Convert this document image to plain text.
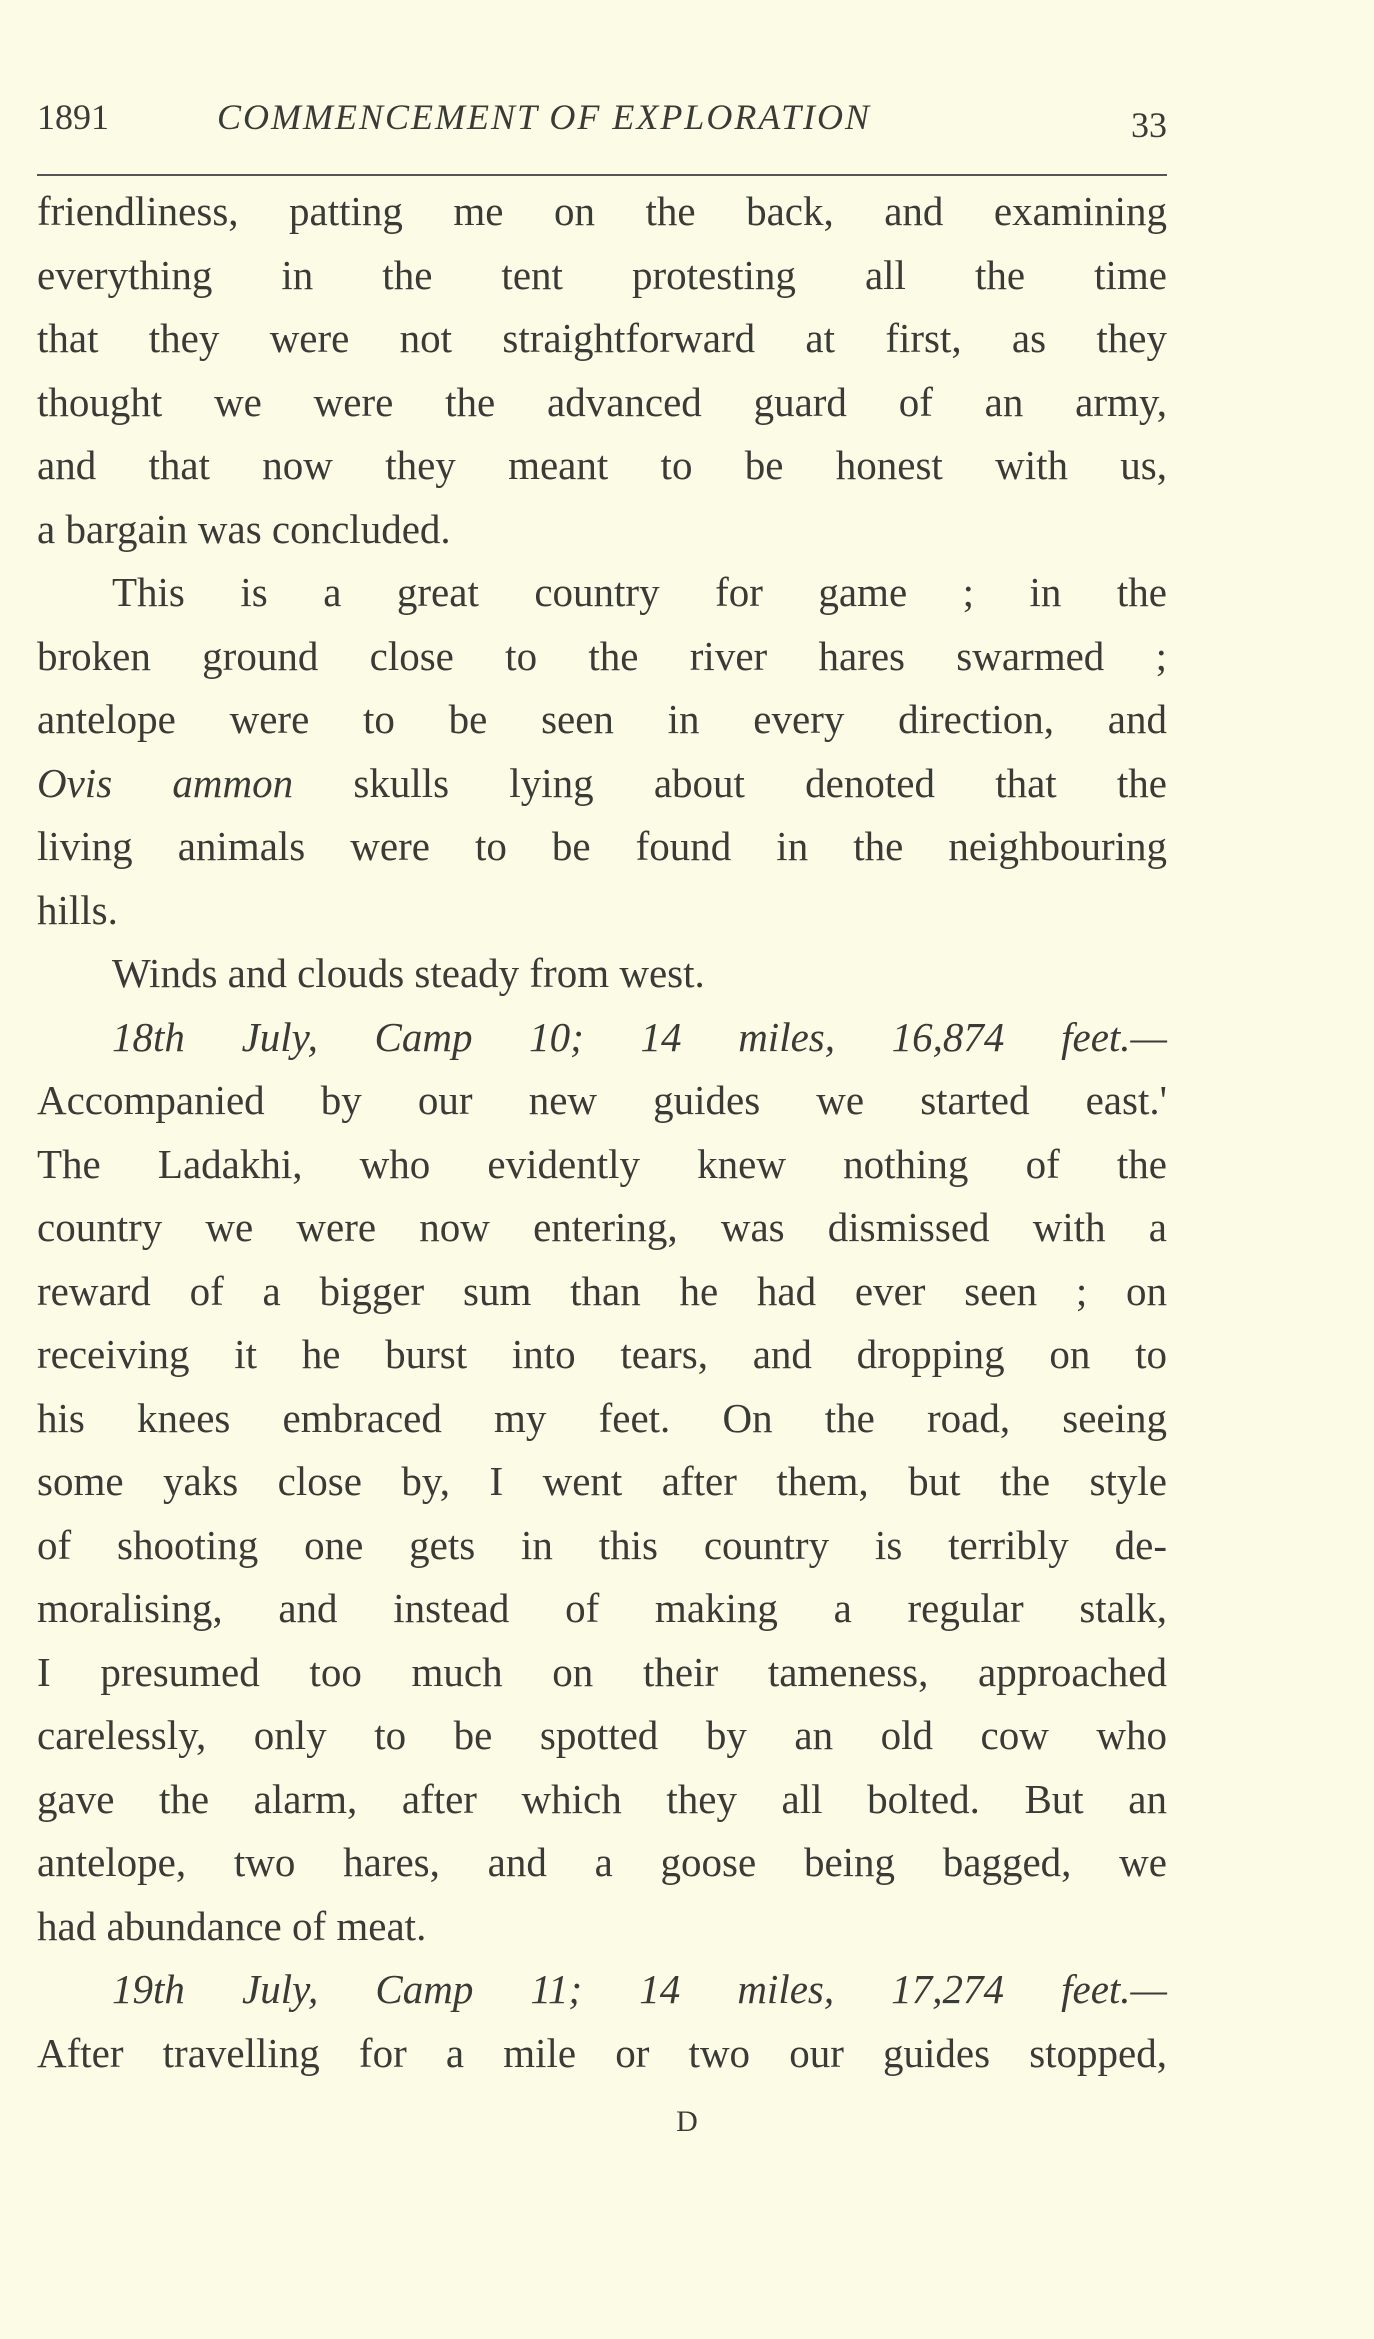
1891	COMMENCEMENT OF EXPLORATION	33
friendliness, patting me on the back, and examining
everything in the tent protesting all the time
that they were not straightforward at first, as they
thought we were the advanced guard of an army,
and that now they meant to be honest with us,
a bargain was concluded.
This is a great country for game ; in the
broken ground close to the river hares swarmed ;
antelope were to be seen in every direction, and
Ovis ammon skulls lying about denoted that the
living animals were to be found in the neighbouring
hills.
Winds and clouds steady from west.
18th July, Camp 10; 14 miles, 16,874 feet.—
Accompanied by our new guides we started east.'
The Ladakhi, who evidently knew nothing of the
country we were now entering, was dismissed with a
reward of a bigger sum than he had ever seen ; on
receiving it he burst into tears, and dropping on to
his knees embraced my feet. On the road, seeing
some yaks close by, I went after them, but the style
of shooting one gets in this country is terribly de-
moralising, and instead of making a regular stalk,
I presumed too much on their tameness, approached
carelessly, only to be spotted by an old cow who
gave the alarm, after which they all bolted. But an
antelope, two hares, and a goose being bagged, we
had abundance of meat.
19th July, Camp 11; 14 miles, 17,274 feet.—
After travelling for a mile or two our guides stopped,
D
